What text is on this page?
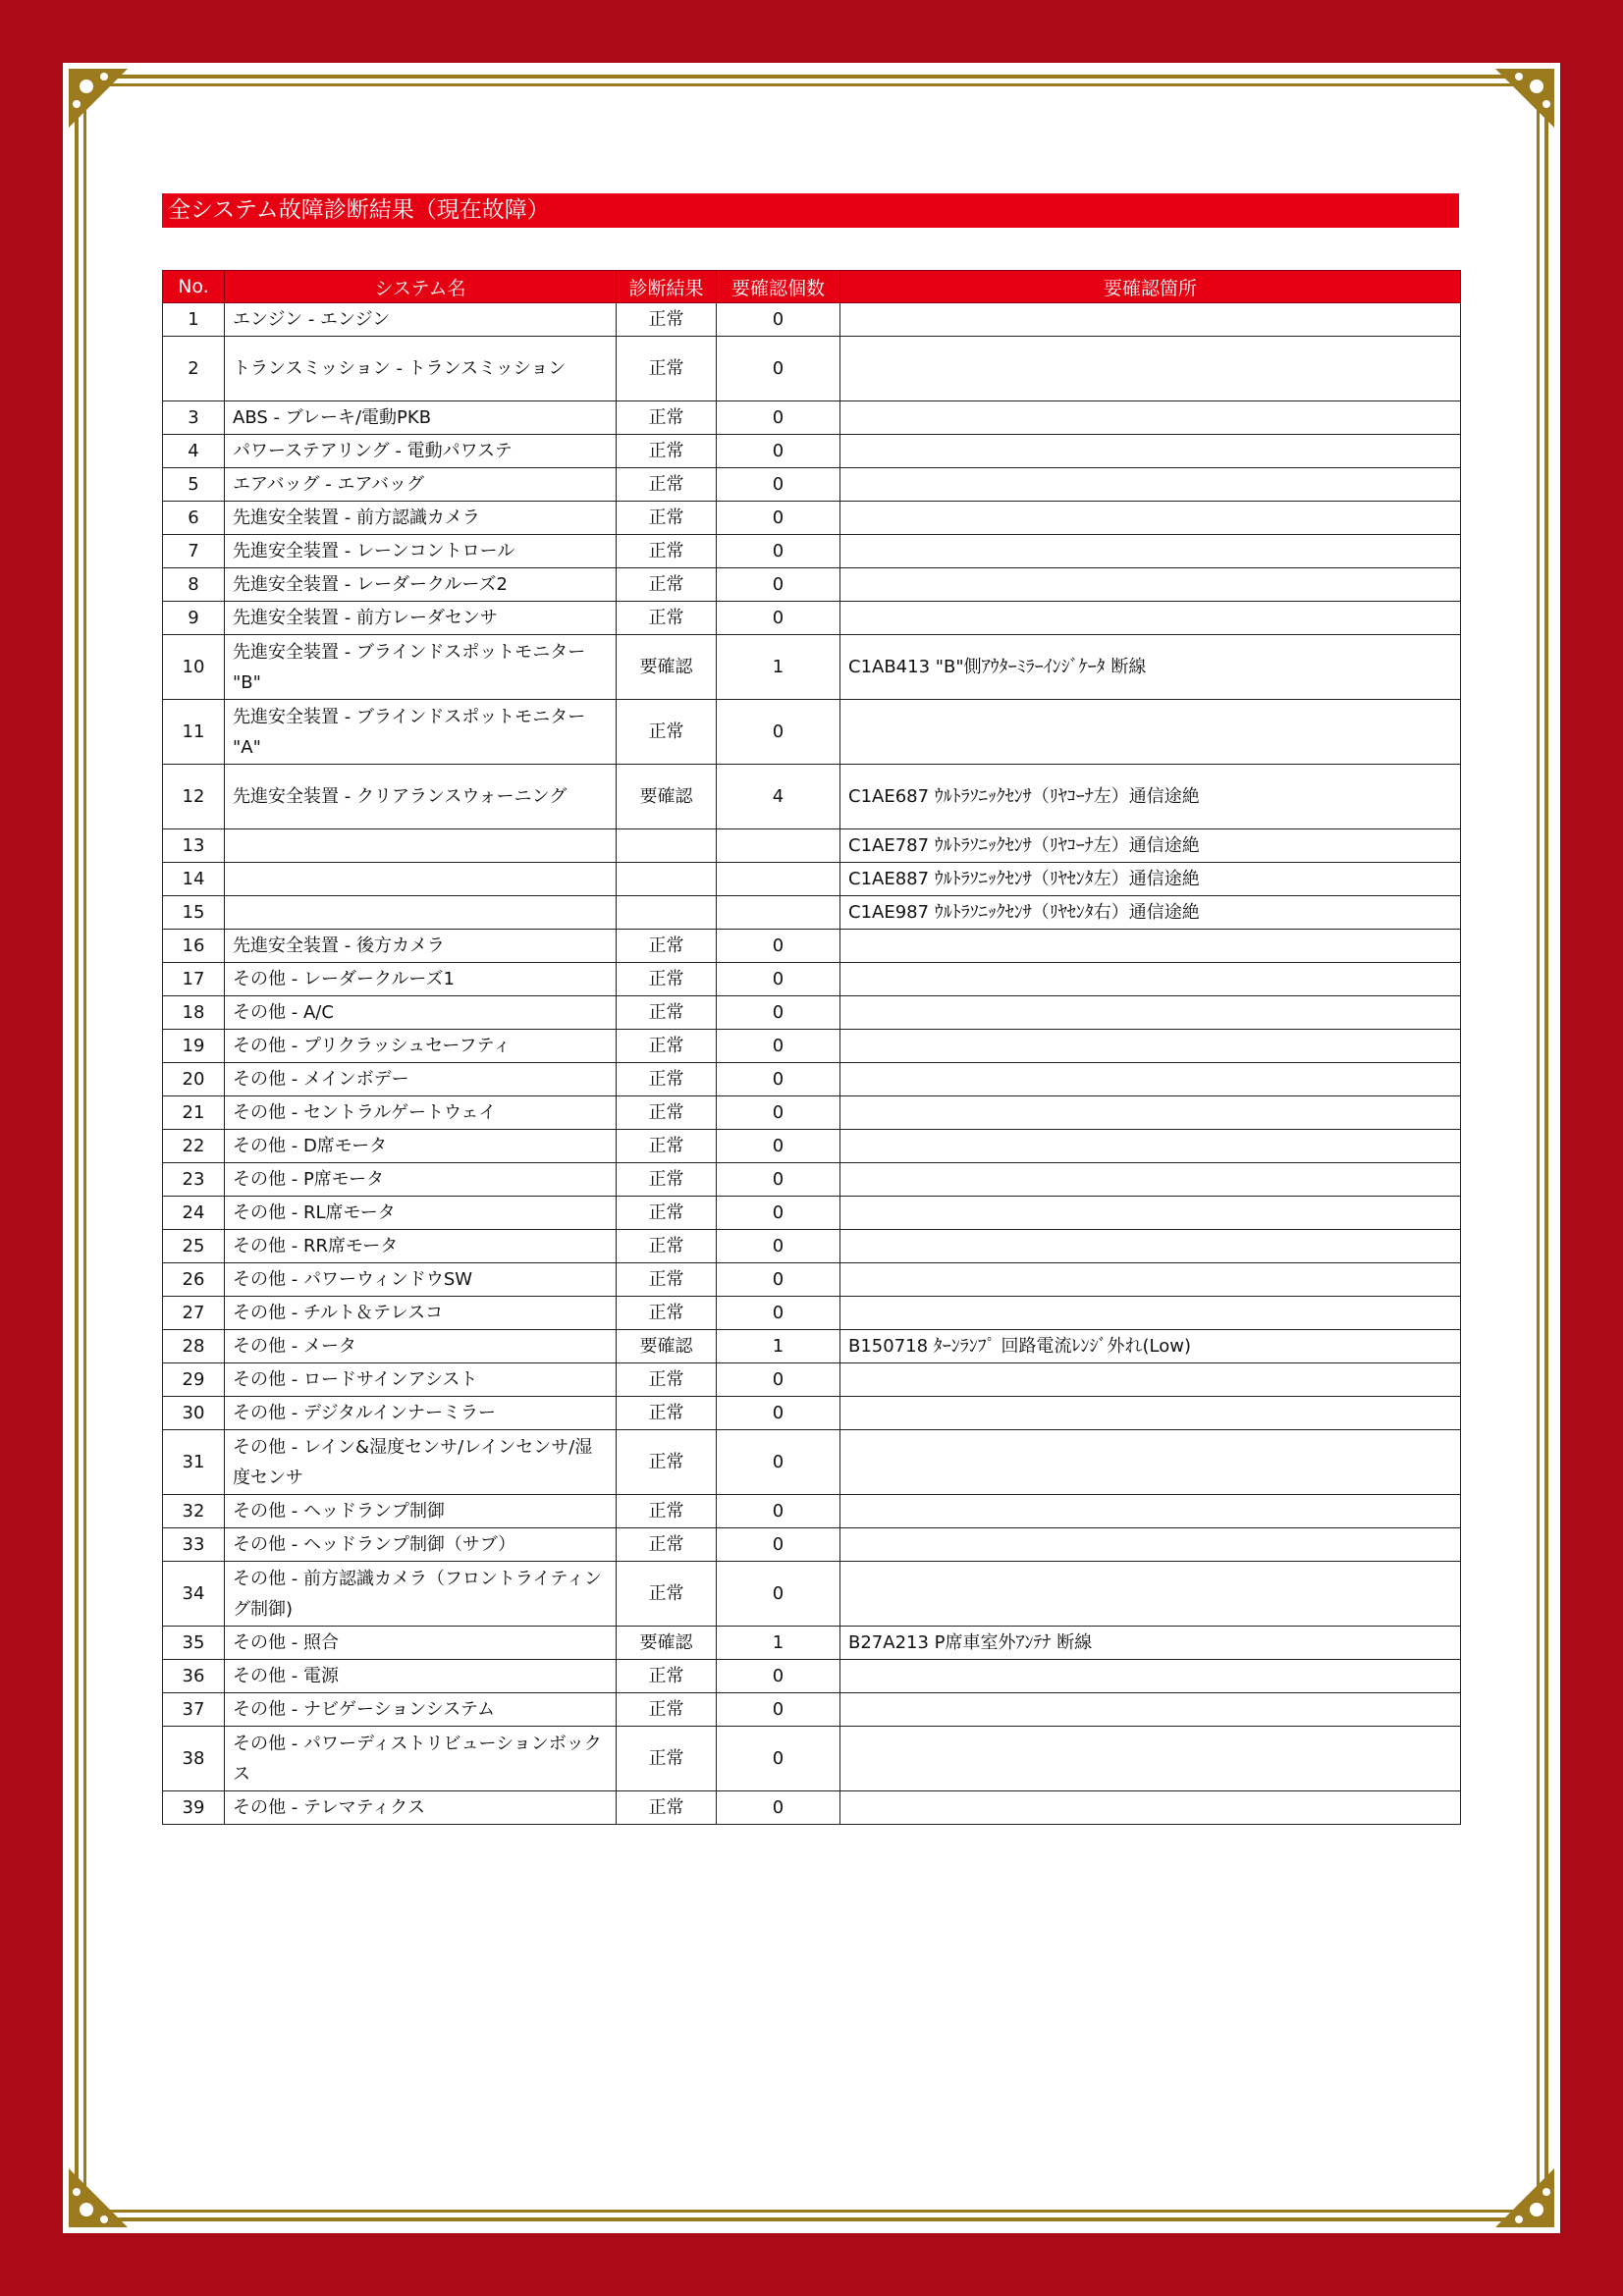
全システム故障診断結果（現在故障）
No.	システム名	診断結果	要確認個数	要確認箇所
1	エンジン - エンジン	正常	0	
2	トランスミッション - トランスミッション	正常	0	
3	ABS - ブレーキ/電動PKB	正常	0	
4	パワーステアリング - 電動パワステ	正常	0	
5	エアバッグ - エアバッグ	正常	0	
6	先進安全装置 - 前方認識カメラ	正常	0	
7	先進安全装置 - レーンコントロール	正常	0	
8	先進安全装置 - レーダークルーズ2	正常	0	
9	先進安全装置 - 前方レーダセンサ	正常	0	
10	先進安全装置 - ブラインドスポットモニター "B"	要確認	1	C1AB413 "B"側ｱｳﾀｰﾐﾗｰｲﾝｼﾞｹｰﾀ 断線
11	先進安全装置 - ブラインドスポットモニター "A"	正常	0	
12	先進安全装置 - クリアランスウォーニング	要確認	4	C1AE687 ｳﾙﾄﾗｿﾆｯｸｾﾝｻ（ﾘﾔｺｰﾅ左）通信途絶
13				C1AE787 ｳﾙﾄﾗｿﾆｯｸｾﾝｻ（ﾘﾔｺｰﾅ左）通信途絶
14				C1AE887 ｳﾙﾄﾗｿﾆｯｸｾﾝｻ（ﾘﾔｾﾝﾀ左）通信途絶
15				C1AE987 ｳﾙﾄﾗｿﾆｯｸｾﾝｻ（ﾘﾔｾﾝﾀ右）通信途絶
16	先進安全装置 - 後方カメラ	正常	0	
17	その他 - レーダークルーズ1	正常	0	
18	その他 - A/C	正常	0	
19	その他 - プリクラッシュセーフティ	正常	0	
20	その他 - メインボデー	正常	0	
21	その他 - セントラルゲートウェイ	正常	0	
22	その他 - D席モータ	正常	0	
23	その他 - P席モータ	正常	0	
24	その他 - RL席モータ	正常	0	
25	その他 - RR席モータ	正常	0	
26	その他 - パワーウィンドウSW	正常	0	
27	その他 - チルト＆テレスコ	正常	0	
28	その他 - メータ	要確認	1	B150718 ﾀｰﾝﾗﾝﾌﾟ 回路電流ﾚﾝｼﾞ外れ(Low)
29	その他 - ロードサインアシスト	正常	0	
30	その他 - デジタルインナーミラー	正常	0	
31	その他 - レイン&湿度センサ/レインセンサ/湿度センサ	正常	0	
32	その他 - ヘッドランプ制御	正常	0	
33	その他 - ヘッドランプ制御（サブ）	正常	0	
34	その他 - 前方認識カメラ（フロントライティング制御)	正常	0	
35	その他 - 照合	要確認	1	B27A213 P席車室外ｱﾝﾃﾅ 断線
36	その他 - 電源	正常	0	
37	その他 - ナビゲーションシステム	正常	0	
38	その他 - パワーディストリビューションボックス	正常	0	
39	その他 - テレマティクス	正常	0	
